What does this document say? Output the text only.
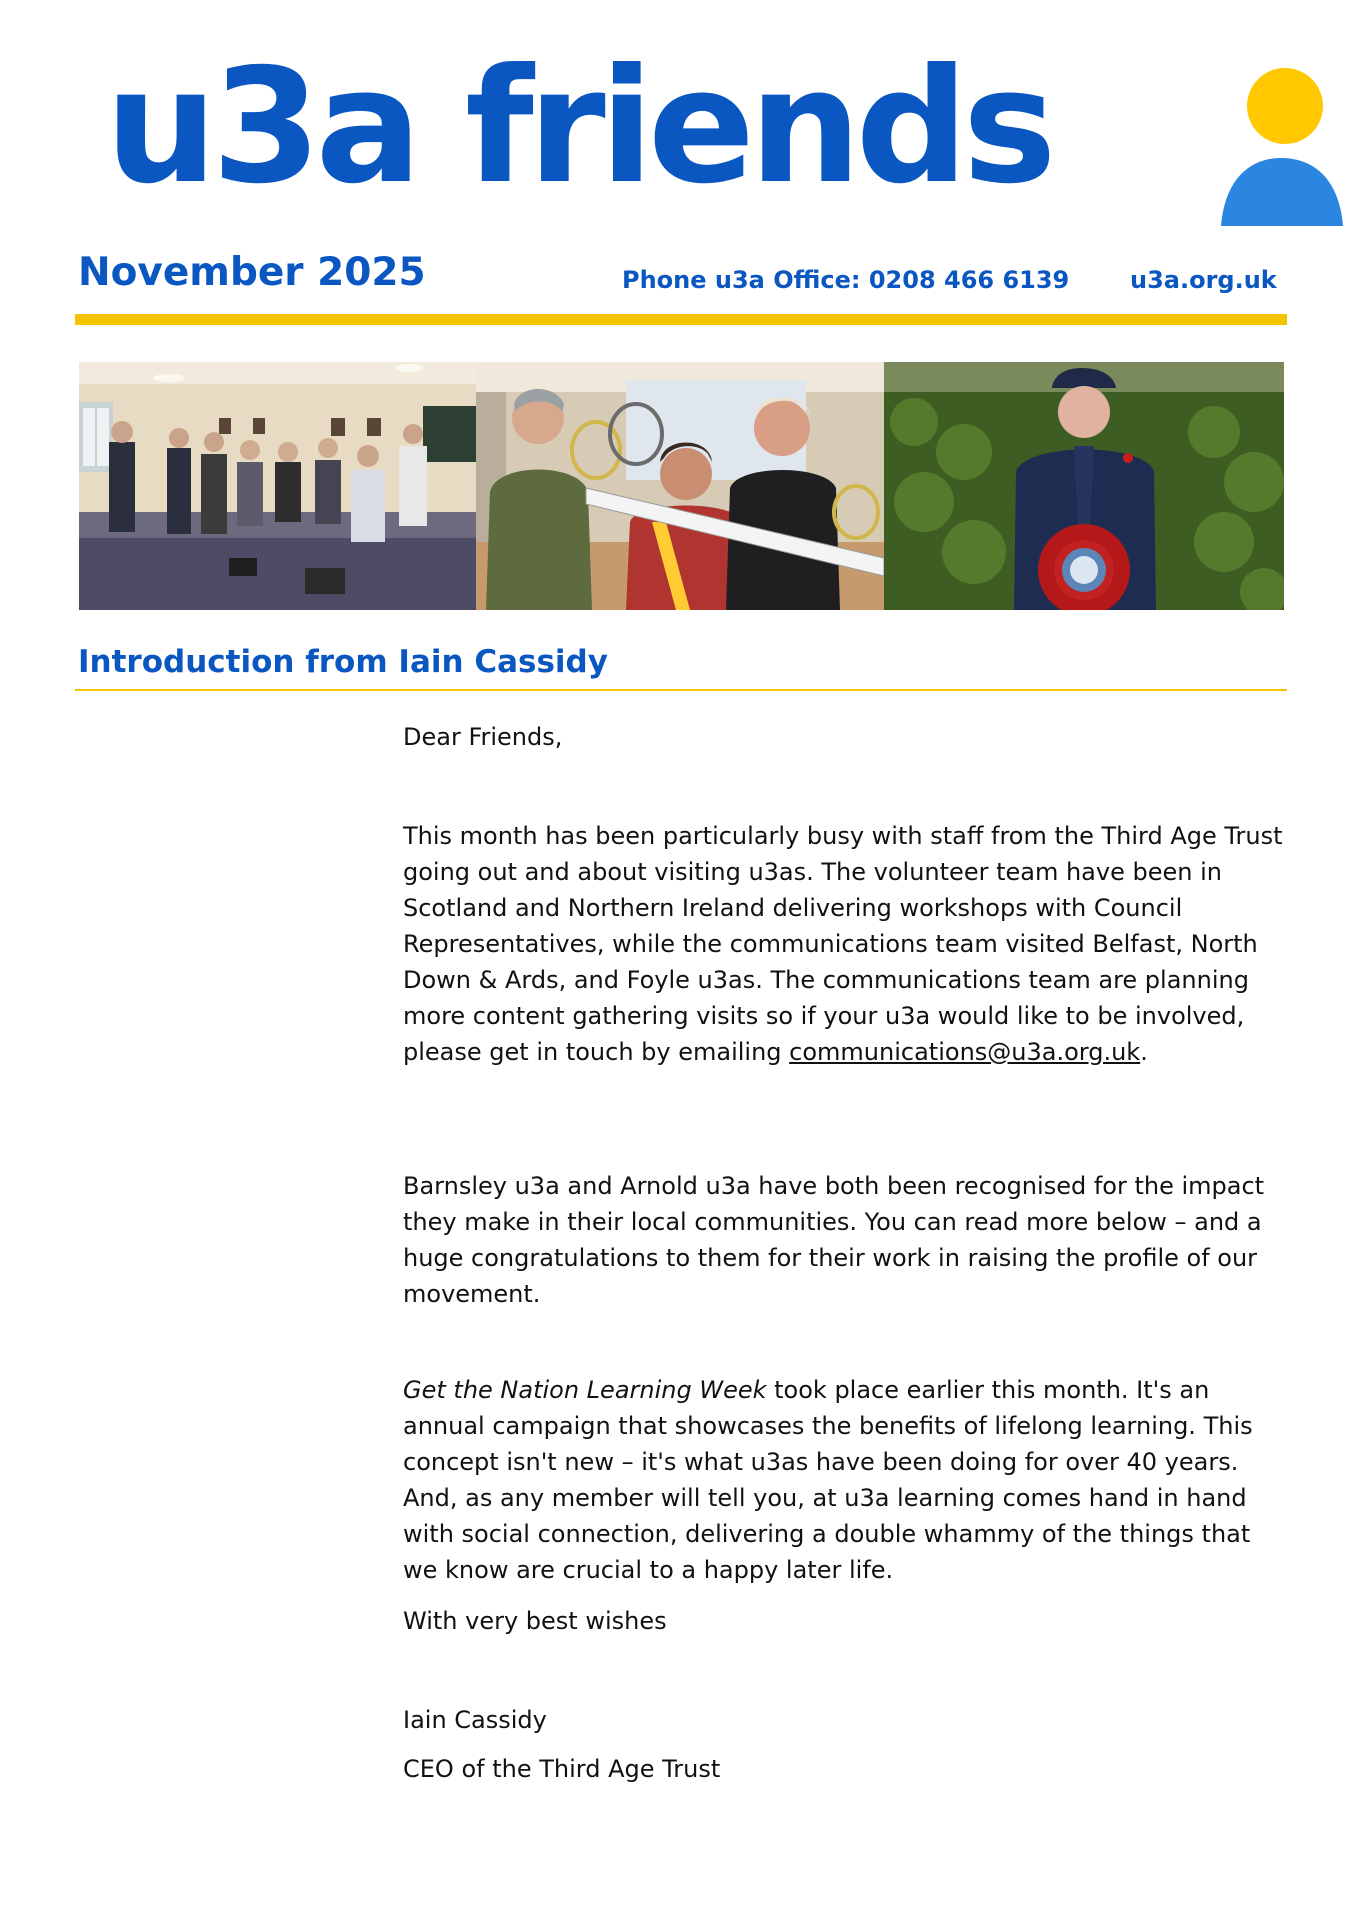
u3a friends
November 2025	Phone u3a Office: 0208 466 6139	u3a.org.uk
Introduction from Iain Cassidy

Dear Friends,

This month has been particularly busy with staff from the Third Age Trust going out and about visiting u3as. The volunteer team have been in Scotland and Northern Ireland delivering workshops with Council Representatives, while the communications team visited Belfast, North Down & Ards, and Foyle u3as. The communications team are planning more content gathering visits so if your u3a would like to be involved, please get in touch by emailing communications@u3a.org.uk.

Barnsley u3a and Arnold u3a have both been recognised for the impact they make in their local communities. You can read more below – and a huge congratulations to them for their work in raising the profile of our movement.

Get the Nation Learning Week took place earlier this month. It's an annual campaign that showcases the benefits of lifelong learning. This concept isn't new – it's what u3as have been doing for over 40 years. And, as any member will tell you, at u3a learning comes hand in hand with social connection, delivering a double whammy of the things that we know are crucial to a happy later life.

With very best wishes

Iain Cassidy

CEO of the Third Age Trust
